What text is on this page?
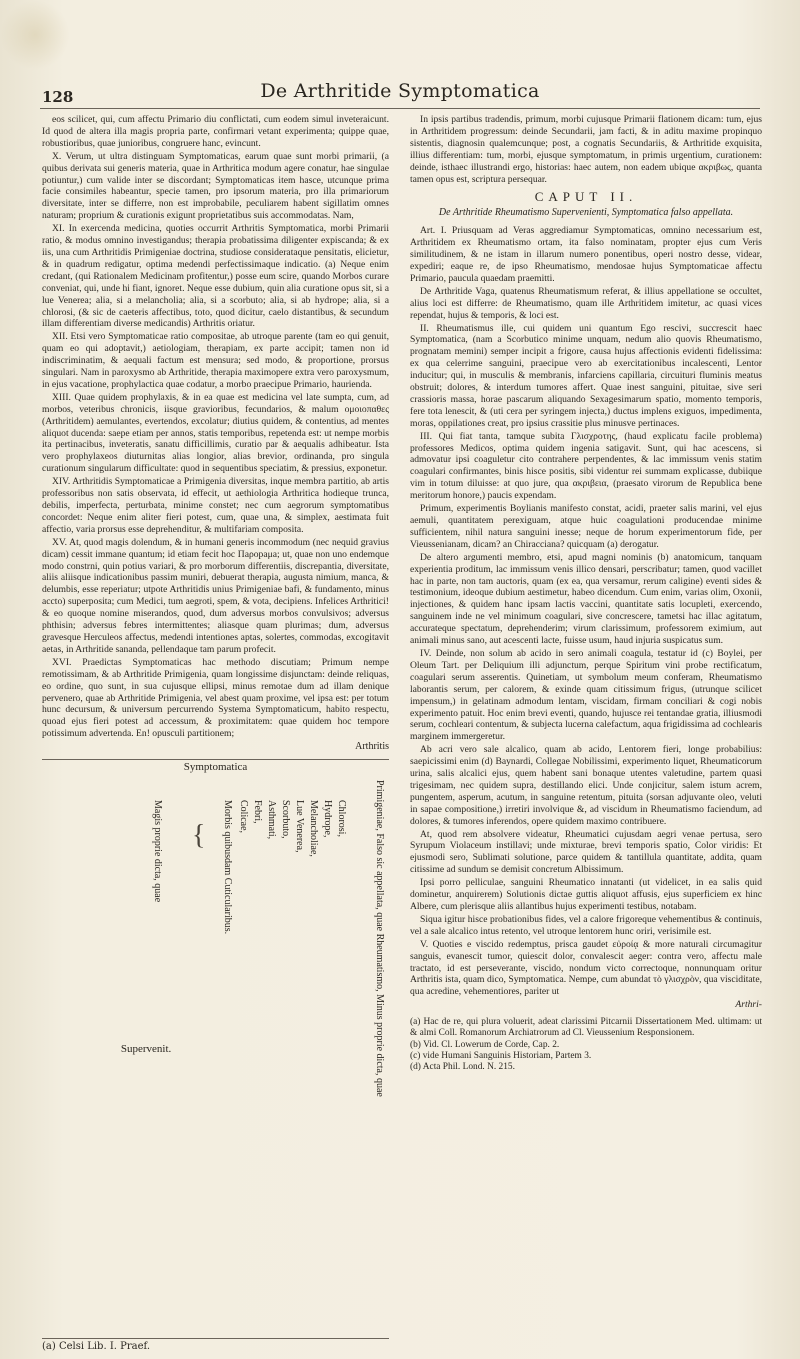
128	De Arthritide Symptomatica

eos scilicet, qui, cum affectu Primario diu conflictati, cum eodem simul inveteraicunt. Id quod de altera illa magis propria parte, confirmari vetant experimenta; quippe quae, robustioribus, quae junioribus, congruere hanc, evincunt.

X. Verum, ut ultra distinguam Symptomaticas, earum quae sunt morbi primarii, (a quibus derivata sui generis materia, quae in Arthritica modum agere conatur, hae singulae potiuntur,) cum valide inter se discordant; Symptomaticas item hasce, utcunque prima facie consimiles habeantur, specie tamen, pro ipsorum materia, pro illa primariorum diversitate, inter se differre, non est improbabile, peculiarem habent sigillatim omnes naturam; proprium & curationis exigunt proprietatibus suis accommodatas. Nam,

XI. In exercenda medicina, quoties occurrit Arthritis Symptomatica, morbi Primarii ratio, & modus omnino investigandus; therapia probatissima diligenter expiscanda; & ex iis, una cum Arthritidis Primigeniae doctrina, studiose considerataque pensitatis, elicietur, & in quadrum redigatur, optima medendi perfectissimaque indicatio. (a) Neque enim credant, (qui Rationalem Medicinam profitentur,) posse eum scire, quando Morbos curare conveniat, qui, unde hi fiant, ignoret. Neque esse dubium, quin alia curatione opus sit, si a lue Venerea; alia, si a melancholia; alia, si a scorbuto; alia, si ab hydrope; alia, si a chlorosi, (& sic de caeteris affectibus, toto, quod dicitur, caelo distantibus, & secundum illam differentiam diverse medicandis) Arthritis oriatur.

XII. Etsi vero Symptomaticae ratio compositae, ab utroque parente (tam eo qui genuit, quam eo qui adoptavit,) aetiologiam, therapiam, ex parte accipit; tamen non id indiscriminatim, & aequali factum est mensura; sed modo, & proportione, prorsus singulari. Nam in paroxysmo ab Arthritide, therapia maximopere extra vero paroxysmum, in ejus vacatione, prophylactica quae codatur, a morbo praecipue Primario, haurienda.

XIII. Quae quidem prophylaxis, & in ea quae est medicina vel late sumpta, cum, ad morbos, veteribus chronicis, iisque gravioribus, fecundarios, & malum ομοιοπαθες (Arthritidem) aemulantes, evertendos, excolatur; diutius quidem, & contentius, ad mentes aliquot ducenda: saepe etiam per annos, statis temporibus, repetenda est: ut nempe morbis ita pertinacibus, inveteratis, sanatu difficillimis, curatio par & aequalis adhibeatur. Ista vero prophylaxeos diuturnitas alias longior, alias brevior, ordinanda, pro singula curationum singularum difficultate: quod in sequentibus speciatim, & pressius, exponetur.

XIV. Arthritidis Symptomaticae a Primigenia diversitas, inque membra partitio, ab artis professoribus non satis observata, id effecit, ut aethiologia Arthritica hodieque trunca, debilis, imperfecta, perturbata, minime constet; nec cum aegrorum symptomatibus concordet: Neque enim aliter fieri potest, cum, quae una, & simplex, aestimata fuit affectio, varia prorsus esse deprehenditur, & multifariam composita.

XV. At, quod magis dolendum, & in humani generis incommodum (nec nequid gravius dicam) cessit immane quantum; id etiam fecit hoc Πaρopaμa; ut, quae non uno endemque modo constrni, quin potius variari, & pro morborum differentiis, discrepantia, diversitate, aliis aliisque indicationibus passim muniri, debuerat therapia, augusta nimium, manca, & delumbis, esse reperiatur; utpote Arthritidis unius Primigeniae bafi, & fundamento, minus accto) superposita; cum Medici, tum aegroti, spem, & vota, decipiens. Infelices Arthritici! & eo quoque nomine miserandos, quod, dum adversus morbos convulsivos; adversus phthisin; adversus febres intermittentes; aliasque quam plurimas; dum, adversus gravesque Herculeos affectus, medendi intentiones aptas, solertes, commodas, excogitavit aetas, in Arthritide sananda, pellendaque tam parum profecit.

XVI. Praedictas Symptomaticas hac methodo discutiam; Primum nempe remotissimam, & ab Arthritide Primigenia, quam longissime disjunctam: deinde reliquas, eo ordine, quo sunt, in sua cujusque ellipsi, minus remotae dum ad illam denique pervenero, quae ab Arthritide Primigenia, vel abest quam proxime, vel ipsa est: per totum hunc decursum, & universum percurrendo Systema Symptomaticum, habito respectu, quoad ejus fieri potest ad accessum, & proximitatem: quae quidem hoc tempore potissimum advertenda. En! opusculi partitionem;

Arthritis
Symptomatica
Primigeniae, Falso sic appellata, quae Rheumatismo, Minus proprie dicta, quae
Magis proprie dicta, quae { Morbis quibusdam Cuticularibus. Colicae, Febri, Asthmati, Scorbuto, Lue Venerea, Melancholiae, Hydrope, Chlorosi,
Supervenit.
(a) Celsi Lib. I. Praef.

In ipsis partibus tradendis, primum, morbi cujusque Primarii flationem dicam: tum, ejus in Arthritidem progressum: deinde Secundarii, jam facti, & in aditu maxime propinquo sistentis, diagnosin qualemcunque; post, a cognatis Secundariis, & Arthritide exquisita, illius differentiam: tum, morbi, ejusque symptomatum, in primis urgentium, curationem: deinde, isthaec illustrandi ergo, historias: haec autem, non eadem ubique ακριβως, quanta tamen opus est, scriptura persequar.

CAPUT II.
De Arthritide Rheumatismo Supervenienti, Symptomatica falso appellata.

Art. I. Priusquam ad Veras aggrediamur Symptomaticas, omnino necessarium est, Arthritidem ex Rheumatismo ortam, ita falso nominatam, propter ejus cum Veris similitudinem, & ne istam in illarum numero ponentibus, operi nostro desse, videar, expediri; eaque re, de ipso Rheumatismo, mendosae hujus Symptomaticae affectu Primario, paucula quaedam praemitti.

De Arthritide Vaga, quatenus Rheumatismum referat, & illius appellatione se occultet, alius loci est differre: de Rheumatismo, quam ille Arthritidem imitetur, ac quasi vices rependat, hujus & temporis, & loci est.

II. Rheumatismus ille, cui quidem uni quantum Ego rescivi, succrescit haec Symptomatica, (nam a Scorbutico minime unquam, nedum alio quovis Rheumatismo, prognatam memini) semper incipit a frigore, causa hujus affectionis evidenti fidelissima: ex qua celerrime sanguini, praecipue vero ab exercitationibus incalescenti, Lentor inducitur; qui, in musculis & membranis, infarciens capillaria, circuituri fluminis meatus obstruit; dolores, & interdum tumores affert. Quae inest sanguini, pituitae, sive seri crassioris massa, horae pascarum aliquando Sexagesimarum spatio, momento temporis, fere tota lenescit, & (uti cera per syringem injecta,) ductus implens exiguos, impedimenta, moras, oppilationes creat, pro ipsius crassitie plus minusve pertinaces.

III. Qui fiat tanta, tamque subita Γλισχροτης, (haud explicatu facile problema) professores Medicos, optima quidem ingenia satigavit. Sunt, qui hac acescens, si admovatur ipsi coaguletur cito contrahere perpendentes, & lac immissum venis statim coagulari confirmantes, binis hisce positis, sibi videntur rei summam explicasse, dubiique vim in totum diluisse: at quo jure, qua ακριβεια, (praesato virorum de Republica bene meritorum honore,) paucis expendam.

Primum, experimentis Boylianis manifesto constat, acidi, praeter salis marini, vel ejus aemuli, quantitatem perexiguam, atque huic coagulationi producendae minime sufficientem, nihil natura sanguini inesse; neque de horum experimentorum fide, per Vieussenianam, dicam? an Chiracciana? quicquam (a) derogatur.

De altero argumenti membro, etsi, apud magni nominis (b) anatomicum, tanquam experientia proditum, lac immissum venis illico densari, perscribatur; tamen, quod vacillet hac in parte, non tam auctoris, quam (ex ea, qua versamur, rerum caligine) eventi sides & testimonium, ideoque dubium aestimetur, habeo dicendum. Cum enim, varias olim, Oxonii, injectiones, & quidem hanc ipsam lactis vaccini, quantitate satis locupleti, exercendo, sanguinem inde ne vel minimum coagulari, sive concrescere, tametsi hac illac agitatum, accurateque spectatum, deprehenderim; virum clarissimum, professorem eximium, aut animali minus sano, aut acescenti lacte, fuisse usum, haud injuria suspicatus sum.

IV. Deinde, non solum ab acido in sero animali coagula, testatur id (c) Boylei, per Oleum Tart. per Deliquium illi adjunctum, perque Spiritum vini probe rectificatum, coagulari serum asserentis. Quinetiam, ut symbolum meum conferam, Rheumatismo laborantis serum, per calorem, & exinde quam citissimum frigus, (utrunque scilicet impensum,) in gelatinam admodum lentam, viscidam, firmam conciliari & cogi nobis experimento patuit. Hoc enim brevi eventi, quando, hujusce rei tentandae gratia, illiusmodi serum, cochleari contentum, & subjecta lucerna calefactum, aqua frigidissima ad cochlearis marginem immergeretur.

Ab acri vero sale alcalico, quam ab acido, Lentorem fieri, longe probabilius: saepicissimi enim (d) Baynardi, Collegae Nobilissimi, experimento liquet, Rheumaticorum urina, salis alcalici ejus, quem habent sani bonaque utentes valetudine, partem quasi trigesimam, nec quidem supra, destillando elici. Unde conjicitur, salem istum acrem, pungentem, asperum, acutum, in sanguine retentum, pituita (sorsan adjuvante oleo, veluti in sapae compositione,) irretiri involvique &, ad viscidum in Rheumatismo faciendum, ad dolores, & tumores inferendos, opere quidem maximo contribuere.

At, quod rem absolvere videatur, Rheumatici cujusdam aegri venae pertusa, sero Syrupum Violaceum instillavi; unde mixturae, brevi temporis spatio, Color viridis: Et ejusmodi sero, Sublimati solutione, parce quidem & tantillula quantitate, addita, quam citissime ad sundum se demisit concretum Albissimum.

Ipsi porro pelliculae, sanguini Rheumatico innatanti (ut videlicet, in ea salis quid dominetur, anquirerem) Solutionis dictae guttis aliquot affusis, ejus superficiem ex hinc Albere, cum plerisque aliis allantibus hujus experimenti testibus, notabam.

Siqua igitur hisce probationibus fides, vel a calore frigoreque vehementibus & continuis, vel a sale alcalico intus retento, vel utroque lentorem hunc oriri, verisimile est.

V. Quoties e viscido redemptus, prisca gaudet εὐροίᾳ & more naturali circumagitur sanguis, evanescit tumor, quiescit dolor, convalescit aeger: contra vero, affectu male tractato, id est perseverante, viscido, nondum victo correctoque, nonnunquam oritur Arthritis ista, quam dico, Symptomatica. Nempe, cum abundat τὸ γλισχρὸν, qua visciditate, qua acredine, vehementiores, pariter ut

Arthri-
(a) Hac de re, qui plura voluerit, adeat clarissimi Pitcarnii Dissertationem Med. ultimam: ut & almi Coll. Romanorum Archiatrorum ad Cl. Vieussenium Responsionem.
(b) Vid. Cl. Lowerum de Corde, Cap. 2.
(c) vide Humani Sanguinis Historiam, Partem 3.
(d) Acta Phil. Lond. N. 215.
